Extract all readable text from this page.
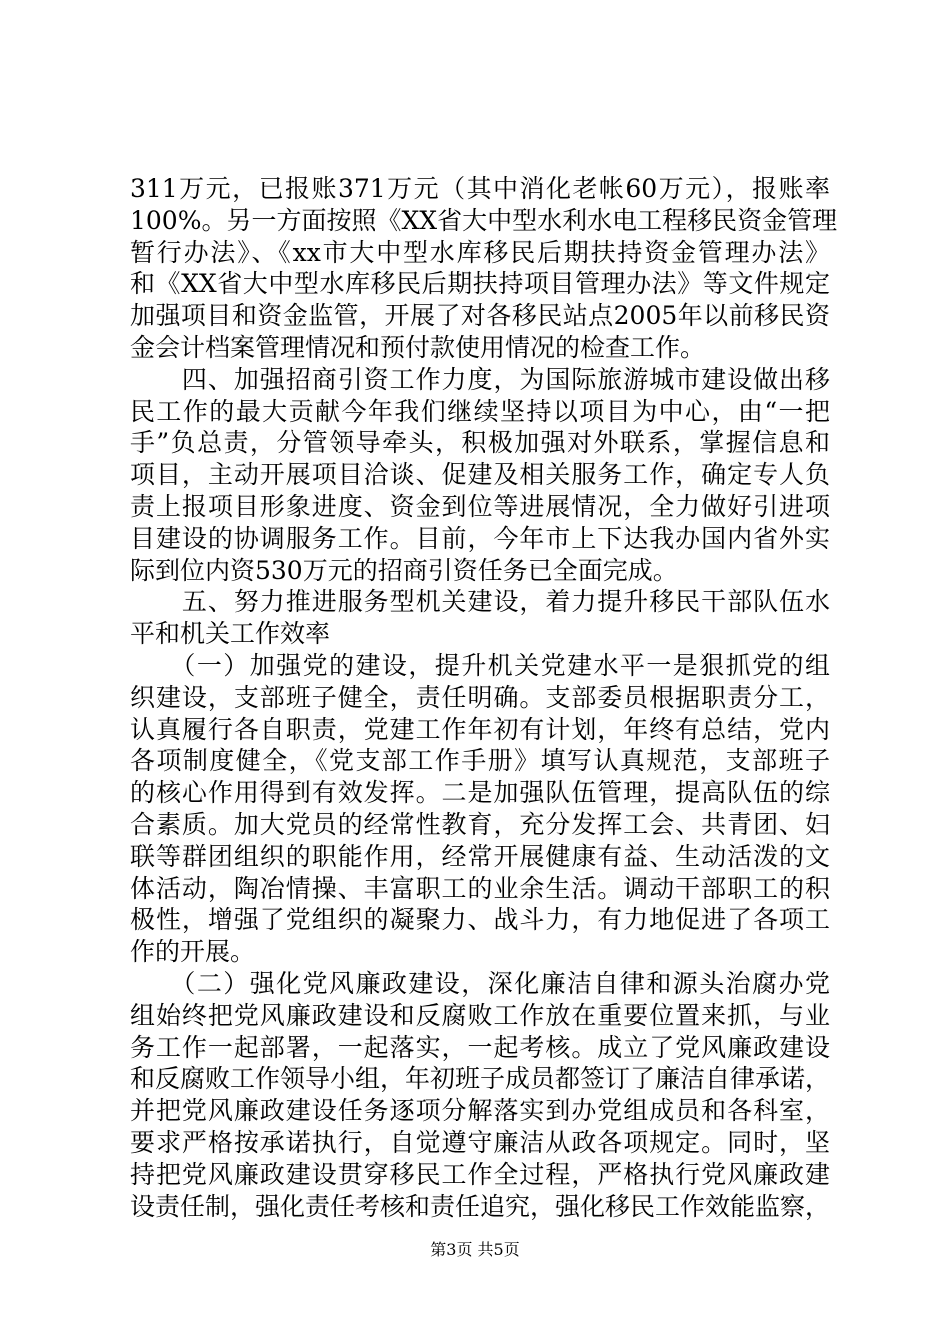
311万元，已报账371万元（其中消化老帐60万元），报账率
100%。另一方面按照《XX省大中型水利水电工程移民资金管理
暂行办法》、《xx市大中型水库移民后期扶持资金管理办法》
和《XX省大中型水库移民后期扶持项目管理办法》等文件规定
加强项目和资金监管，开展了对各移民站点2005年以前移民资
金会计档案管理情况和预付款使用情况的检查工作。
　　四、加强招商引资工作力度，为国际旅游城市建设做出移
民工作的最大贡献今年我们继续坚持以项目为中心，由“一把
手”负总责，分管领导牵头，积极加强对外联系，掌握信息和
项目，主动开展项目洽谈、促建及相关服务工作，确定专人负
责上报项目形象进度、资金到位等进展情况，全力做好引进项
目建设的协调服务工作。目前，今年市上下达我办国内省外实
际到位内资530万元的招商引资任务已全面完成。
　　五、努力推进服务型机关建设，着力提升移民干部队伍水
平和机关工作效率
　　（一）加强党的建设，提升机关党建水平一是狠抓党的组
织建设，支部班子健全，责任明确。支部委员根据职责分工，
认真履行各自职责，党建工作年初有计划，年终有总结，党内
各项制度健全，《党支部工作手册》填写认真规范，支部班子
的核心作用得到有效发挥。二是加强队伍管理，提高队伍的综
合素质。加大党员的经常性教育，充分发挥工会、共青团、妇
联等群团组织的职能作用，经常开展健康有益、生动活泼的文
体活动，陶冶情操、丰富职工的业余生活。调动干部职工的积
极性，增强了党组织的凝聚力、战斗力，有力地促进了各项工
作的开展。
　　（二）强化党风廉政建设，深化廉洁自律和源头治腐办党
组始终把党风廉政建设和反腐败工作放在重要位置来抓，与业
务工作一起部署，一起落实，一起考核。成立了党风廉政建设
和反腐败工作领导小组，年初班子成员都签订了廉洁自律承诺，
并把党风廉政建设任务逐项分解落实到办党组成员和各科室，
要求严格按承诺执行，自觉遵守廉洁从政各项规定。同时，坚
持把党风廉政建设贯穿移民工作全过程，严格执行党风廉政建
设责任制，强化责任考核和责任追究，强化移民工作效能监察，
第3页 共5页
